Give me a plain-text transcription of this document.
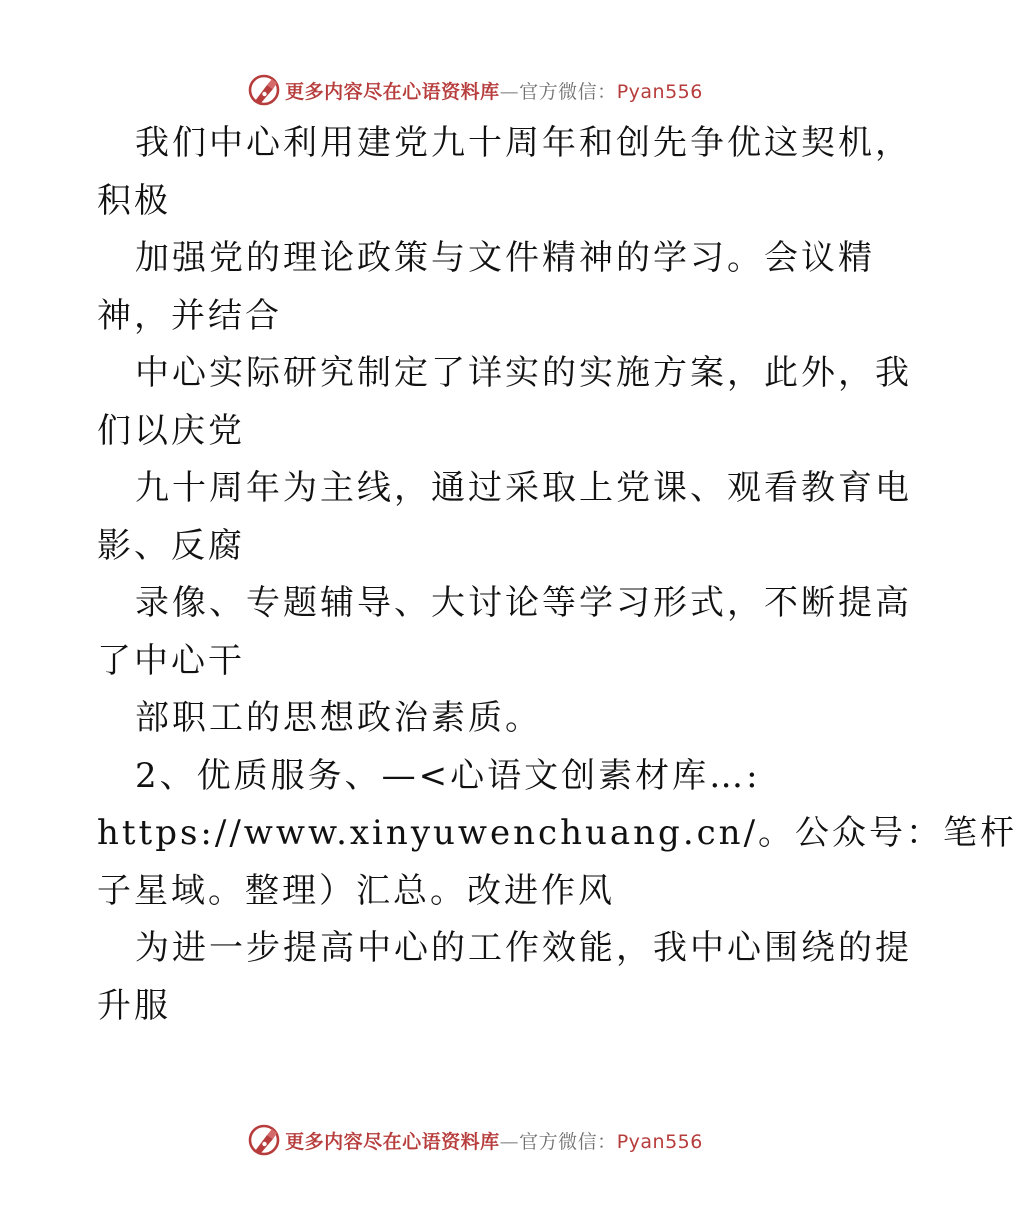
更多内容尽在心语资料库—官方微信：Pyan556
我们中心利用建党九十周年和创先争优这契机，
积极
加强党的理论政策与文件精神的学习。会议精
神，并结合
中心实际研究制定了详实的实施方案，此外，我
们以庆党
九十周年为主线，通过采取上党课、观看教育电
影、反腐
录像、专题辅导、大讨论等学习形式，不断提高
了中心干
部职工的思想政治素质。
2、优质服务、—<心语文创素材库…:
https://www.xinyuwenchuang.cn/。公众号：笔杆
子星域。整理）汇总。改进作风
为进一步提高中心的工作效能，我中心围绕的提
升服
更多内容尽在心语资料库—官方微信：Pyan556
